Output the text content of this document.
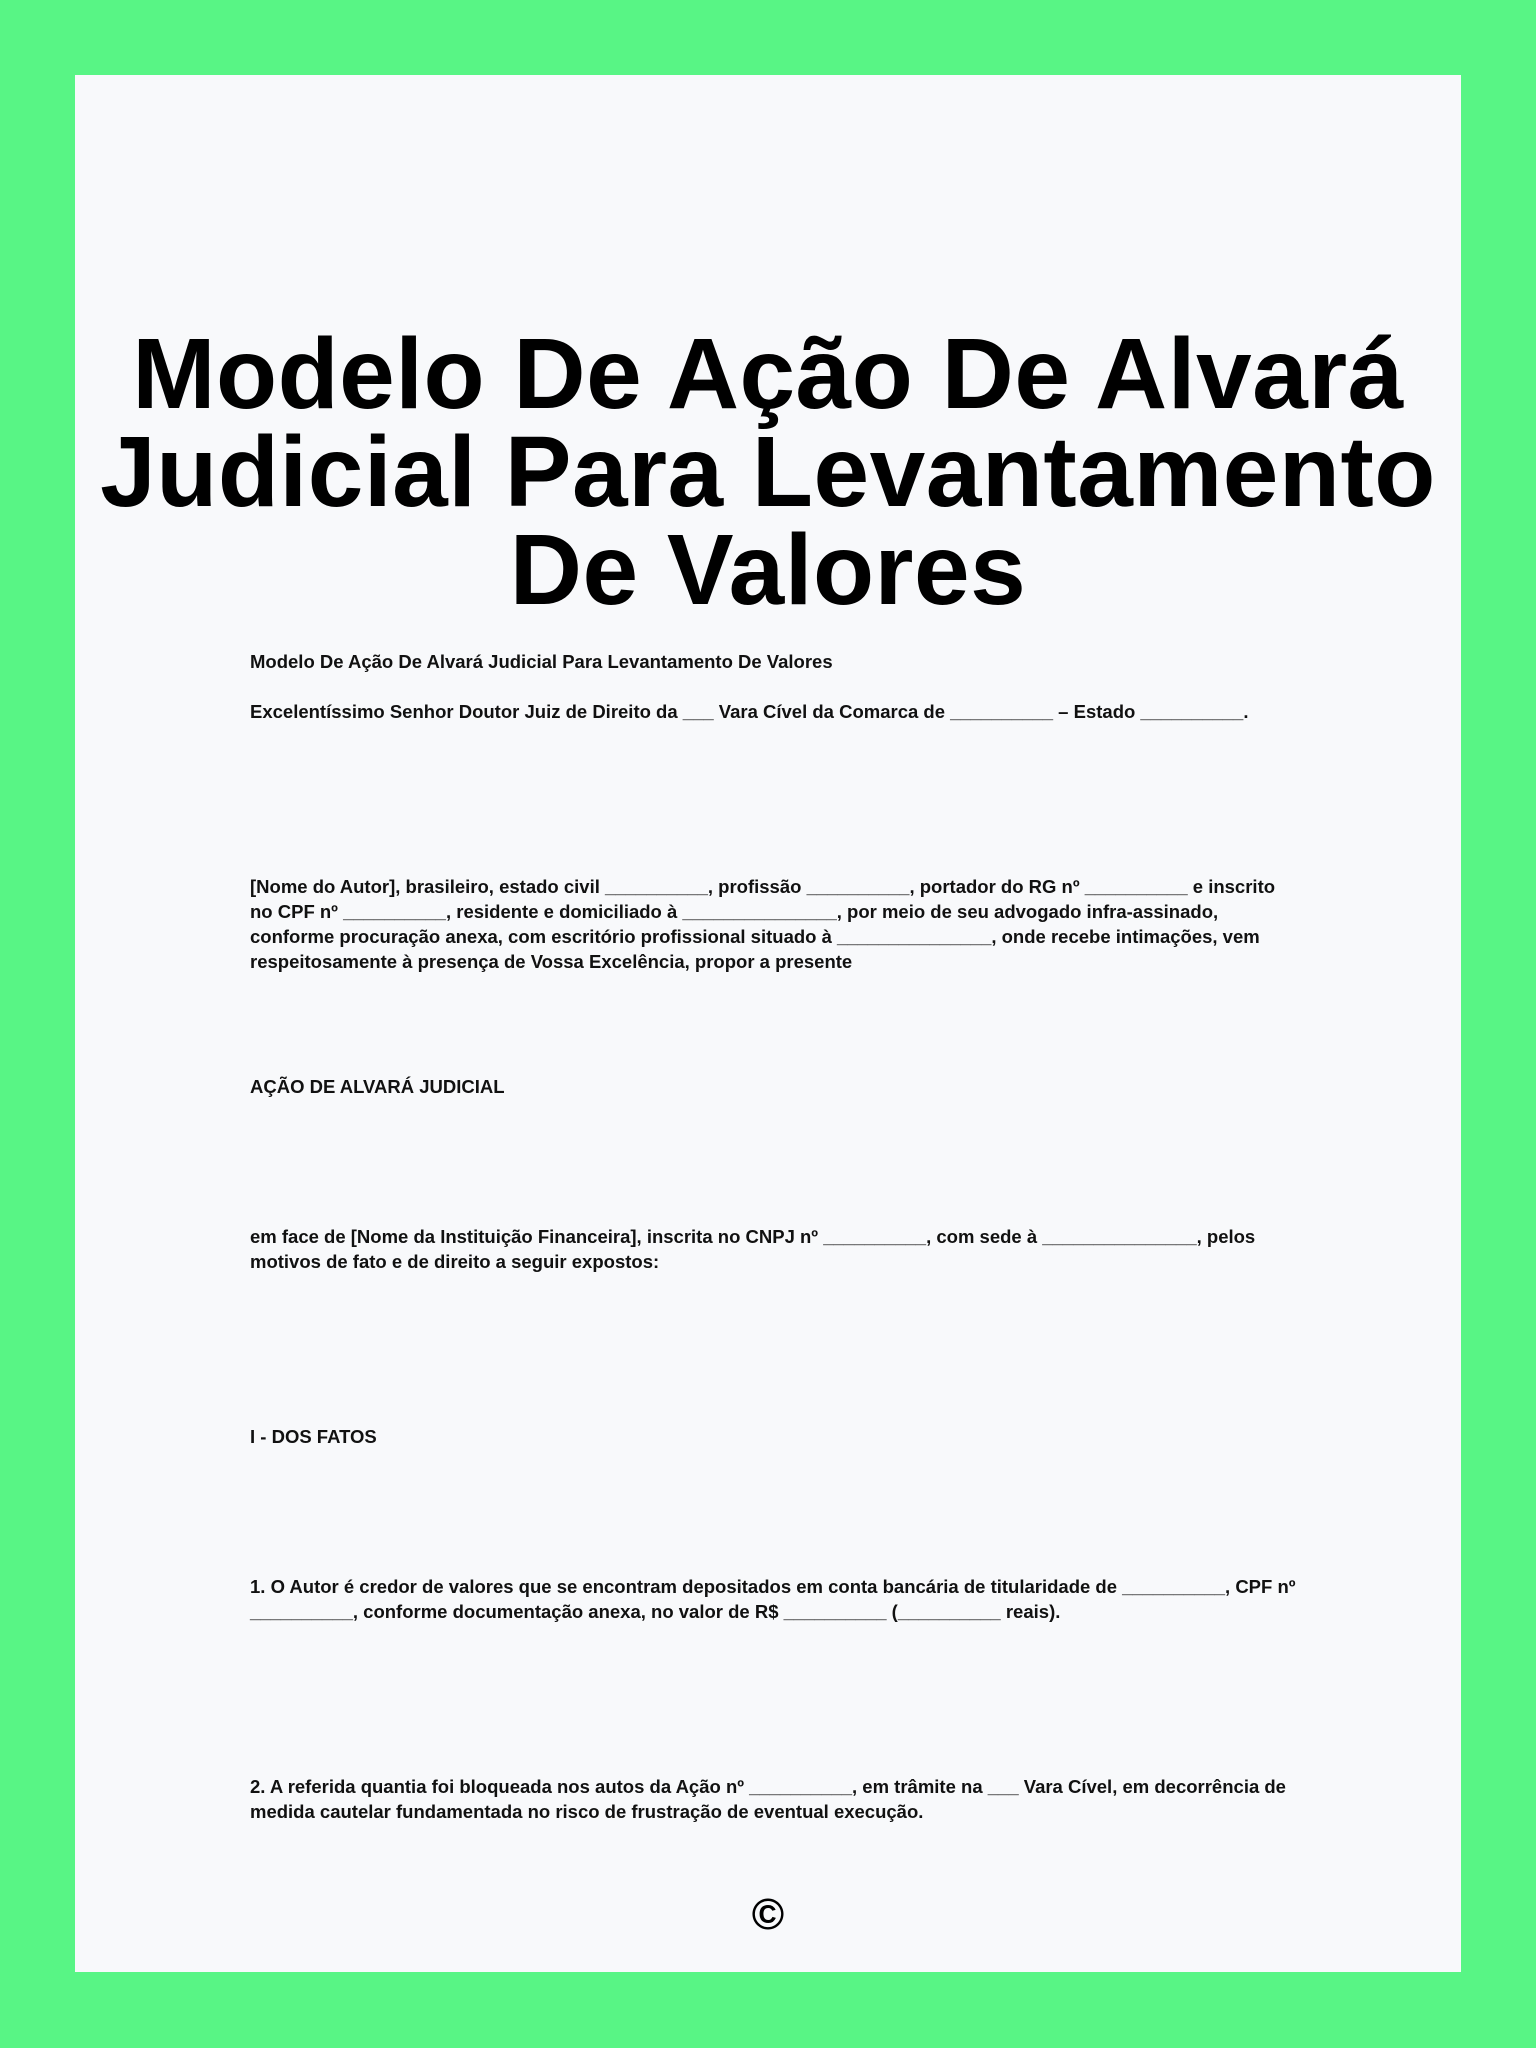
Modelo De Ação De Alvará Judicial Para Levantamento De Valores

Modelo De Ação De Alvará Judicial Para Levantamento De Valores

Excelentíssimo Senhor Doutor Juiz de Direito da ___ Vara Cível da Comarca de __________ – Estado __________.

[Nome do Autor], brasileiro, estado civil __________, profissão __________, portador do RG nº __________ e inscrito no CPF nº __________, residente e domiciliado à _______________, por meio de seu advogado infra-assinado, conforme procuração anexa, com escritório profissional situado à _______________, onde recebe intimações, vem respeitosamente à presença de Vossa Excelência, propor a presente

AÇÃO DE ALVARÁ JUDICIAL

em face de [Nome da Instituição Financeira], inscrita no CNPJ nº __________, com sede à _______________, pelos motivos de fato e de direito a seguir expostos:

I - DOS FATOS

1. O Autor é credor de valores que se encontram depositados em conta bancária de titularidade de __________, CPF nº __________, conforme documentação anexa, no valor de R$ __________ (__________ reais).

2. A referida quantia foi bloqueada nos autos da Ação nº __________, em trâmite na ___ Vara Cível, em decorrência de medida cautelar fundamentada no risco de frustração de eventual execução.

©
